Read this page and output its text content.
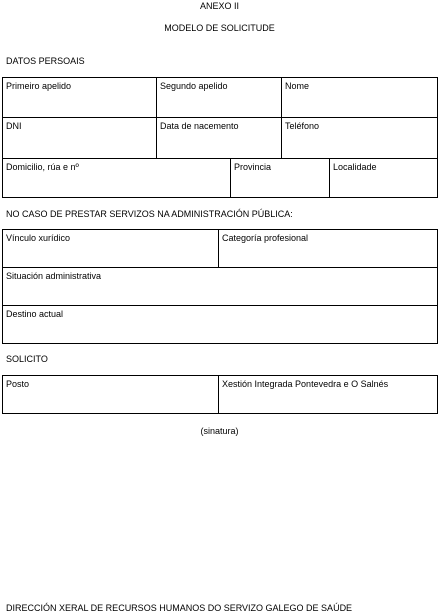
ANEXO II
MODELO DE SOLICITUDE
DATOS PERSOAIS
Primeiro apelido	Segundo apelido	Nome
DNI	Data de nacemento	Teléfono
Domicilio, rúa e nº	Provincia	Localidade
NO CASO DE PRESTAR SERVIZOS NA ADMINISTRACIÓN PÚBLICA:
Vínculo xurídico	Categoría profesional
Situación administrativa
Destino actual
SOLICITO
Posto	Xestión Integrada Pontevedra e O Salnés
(sinatura)
DIRECCIÓN XERAL DE RECURSOS HUMANOS DO SERVIZO GALEGO DE SAÚDE
